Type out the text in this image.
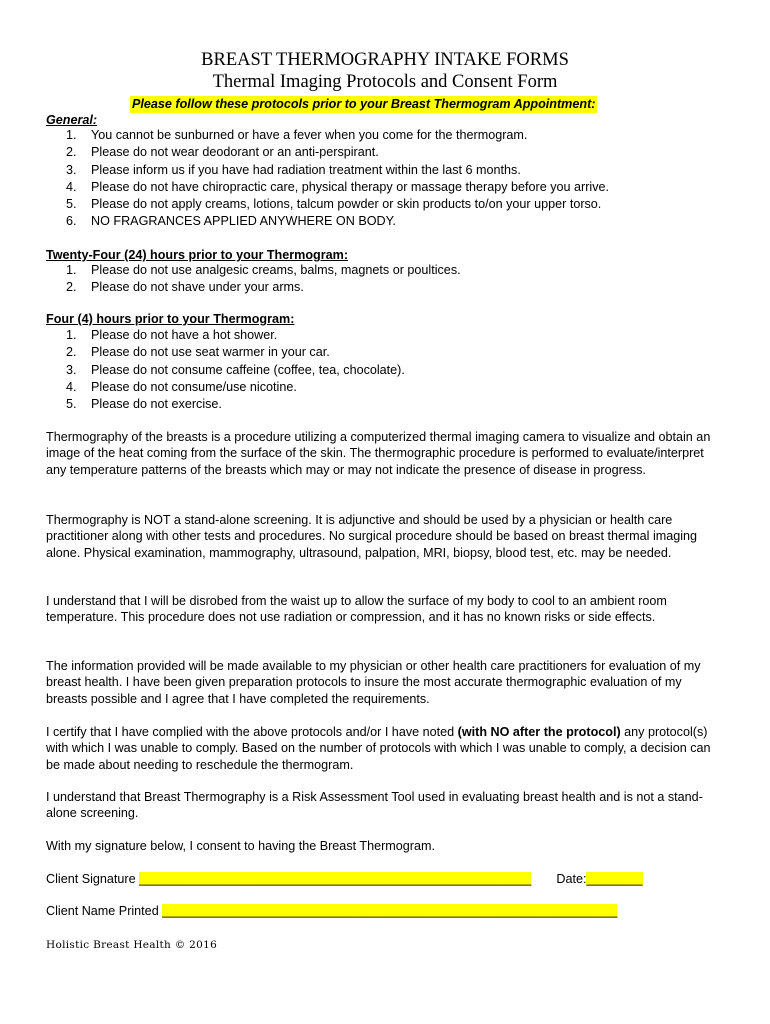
BREAST THERMOGRAPHY INTAKE FORMS
Thermal Imaging Protocols and Consent Form
Please follow these protocols prior to your Breast Thermogram Appointment:
General:
1. You cannot be sunburned or have a fever when you come for the thermogram.
2. Please do not wear deodorant or an anti-perspirant.
3. Please inform us if you have had radiation treatment within the last 6 months.
4. Please do not have chiropractic care, physical therapy or massage therapy before you arrive.
5. Please do not apply creams, lotions, talcum powder or skin products to/on your upper torso.
6. NO FRAGRANCES APPLIED ANYWHERE ON BODY.
Twenty-Four (24) hours prior to your Thermogram:
1. Please do not use analgesic creams, balms, magnets or poultices.
2. Please do not shave under your arms.
Four (4) hours prior to your Thermogram:
1. Please do not have a hot shower.
2. Please do not use seat warmer in your car.
3. Please do not consume caffeine (coffee, tea, chocolate).
4. Please do not consume/use nicotine.
5. Please do not exercise.

Thermography of the breasts is a procedure utilizing a computerized thermal imaging camera to visualize and obtain an image of the heat coming from the surface of the skin. The thermographic procedure is performed to evaluate/interpret any temperature patterns of the breasts which may or may not indicate the presence of disease in progress.

Thermography is NOT a stand-alone screening. It is adjunctive and should be used by a physician or health care practitioner along with other tests and procedures. No surgical procedure should be based on breast thermal imaging alone. Physical examination, mammography, ultrasound, palpation, MRI, biopsy, blood test, etc. may be needed.

I understand that I will be disrobed from the waist up to allow the surface of my body to cool to an ambient room temperature. This procedure does not use radiation or compression, and it has no known risks or side effects.

The information provided will be made available to my physician or other health care practitioners for evaluation of my breast health. I have been given preparation protocols to insure the most accurate thermographic evaluation of my breasts possible and I agree that I have completed the requirements.

I certify that I have complied with the above protocols and/or I have noted (with NO after the protocol) any protocol(s) with which I was unable to comply. Based on the number of protocols with which I was unable to comply, a decision can be made about needing to reschedule the thermogram.

I understand that Breast Thermography is a Risk Assessment Tool used in evaluating breast health and is not a stand-alone screening.

With my signature below, I consent to having the Breast Thermogram.

Client Signature ________________________________________________________ Date:________
Client Name Printed _________________________________________________________________
Holistic Breast Health © 2016
